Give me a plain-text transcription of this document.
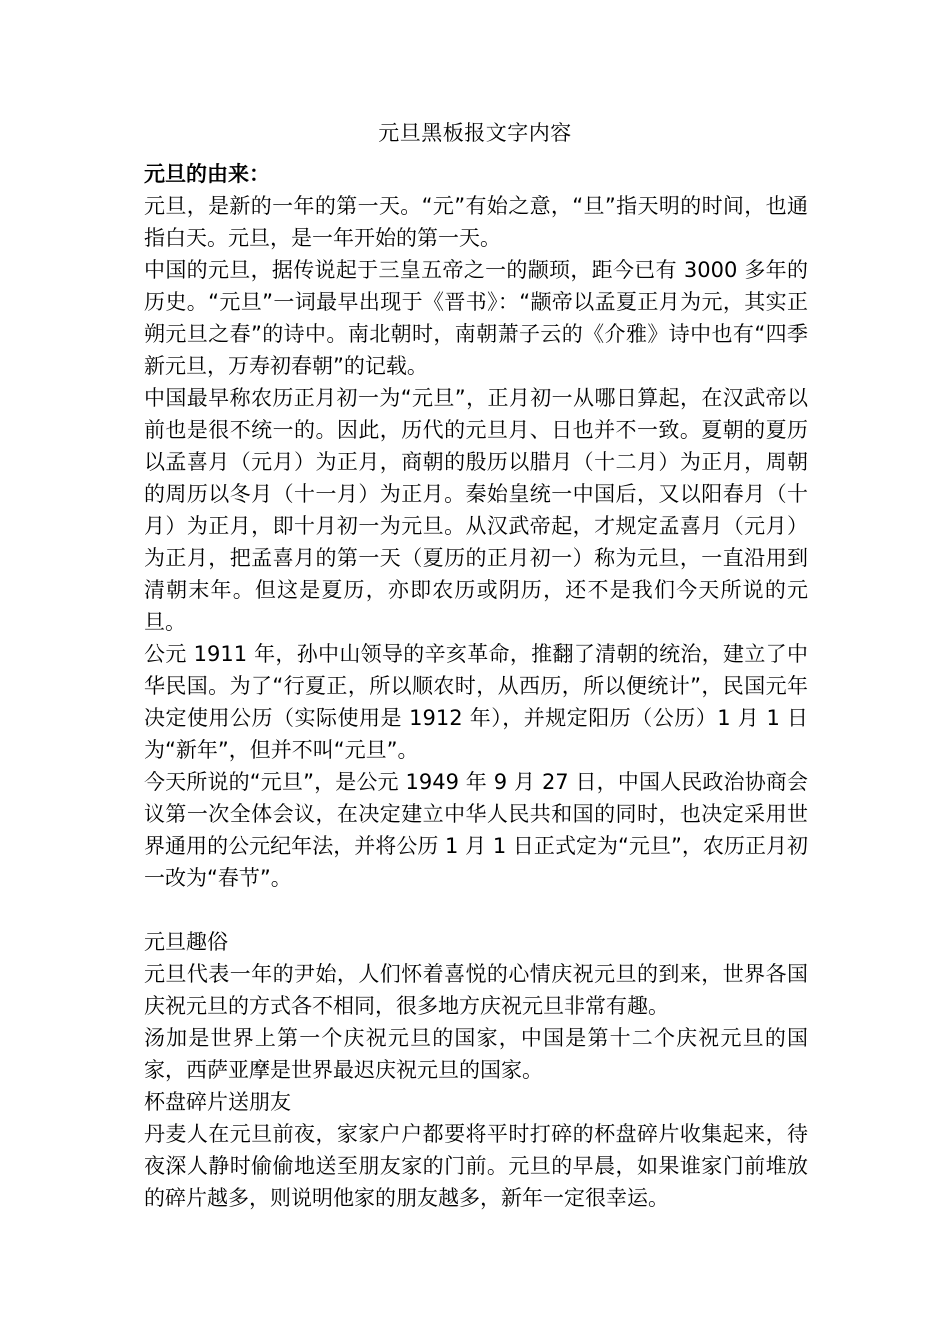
元旦黑板报文字内容

元旦的由来：

元旦，是新的一年的第一天。“元”有始之意，“旦”指天明的时间，也通指白天。元旦，是一年开始的第一天。

中国的元旦，据传说起于三皇五帝之一的颛顼，距今已有 3000 多年的历史。“元旦”一词最早出现于《晋书》：“颛帝以孟夏正月为元，其实正朔元旦之春”的诗中。南北朝时，南朝萧子云的《介雅》诗中也有“四季新元旦，万寿初春朝”的记载。

中国最早称农历正月初一为“元旦”，正月初一从哪日算起，在汉武帝以前也是很不统一的。因此，历代的元旦月、日也并不一致。夏朝的夏历以孟喜月（元月）为正月，商朝的殷历以腊月（十二月）为正月，周朝的周历以冬月（十一月）为正月。秦始皇统一中国后，又以阳春月（十月）为正月，即十月初一为元旦。从汉武帝起，才规定孟喜月（元月）为正月，把孟喜月的第一天（夏历的正月初一）称为元旦，一直沿用到清朝末年。但这是夏历，亦即农历或阴历，还不是我们今天所说的元旦。

公元 1911 年，孙中山领导的辛亥革命，推翻了清朝的统治，建立了中华民国。为了“行夏正，所以顺农时，从西历，所以便统计”，民国元年决定使用公历（实际使用是 1912 年），并规定阳历（公历）1 月 1 日为“新年”，但并不叫“元旦”。

今天所说的“元旦”，是公元 1949 年 9 月 27 日，中国人民政治协商会议第一次全体会议，在决定建立中华人民共和国的同时，也决定采用世界通用的公元纪年法，并将公历 1 月 1 日正式定为“元旦”，农历正月初一改为“春节”。

元旦趣俗

元旦代表一年的尹始，人们怀着喜悦的心情庆祝元旦的到来，世界各国庆祝元旦的方式各不相同，很多地方庆祝元旦非常有趣。

汤加是世界上第一个庆祝元旦的国家，中国是第十二个庆祝元旦的国家，西萨亚摩是世界最迟庆祝元旦的国家。

杯盘碎片送朋友

丹麦人在元旦前夜，家家户户都要将平时打碎的杯盘碎片收集起来，待夜深人静时偷偷地送至朋友家的门前。元旦的早晨，如果谁家门前堆放的碎片越多，则说明他家的朋友越多，新年一定很幸运。
